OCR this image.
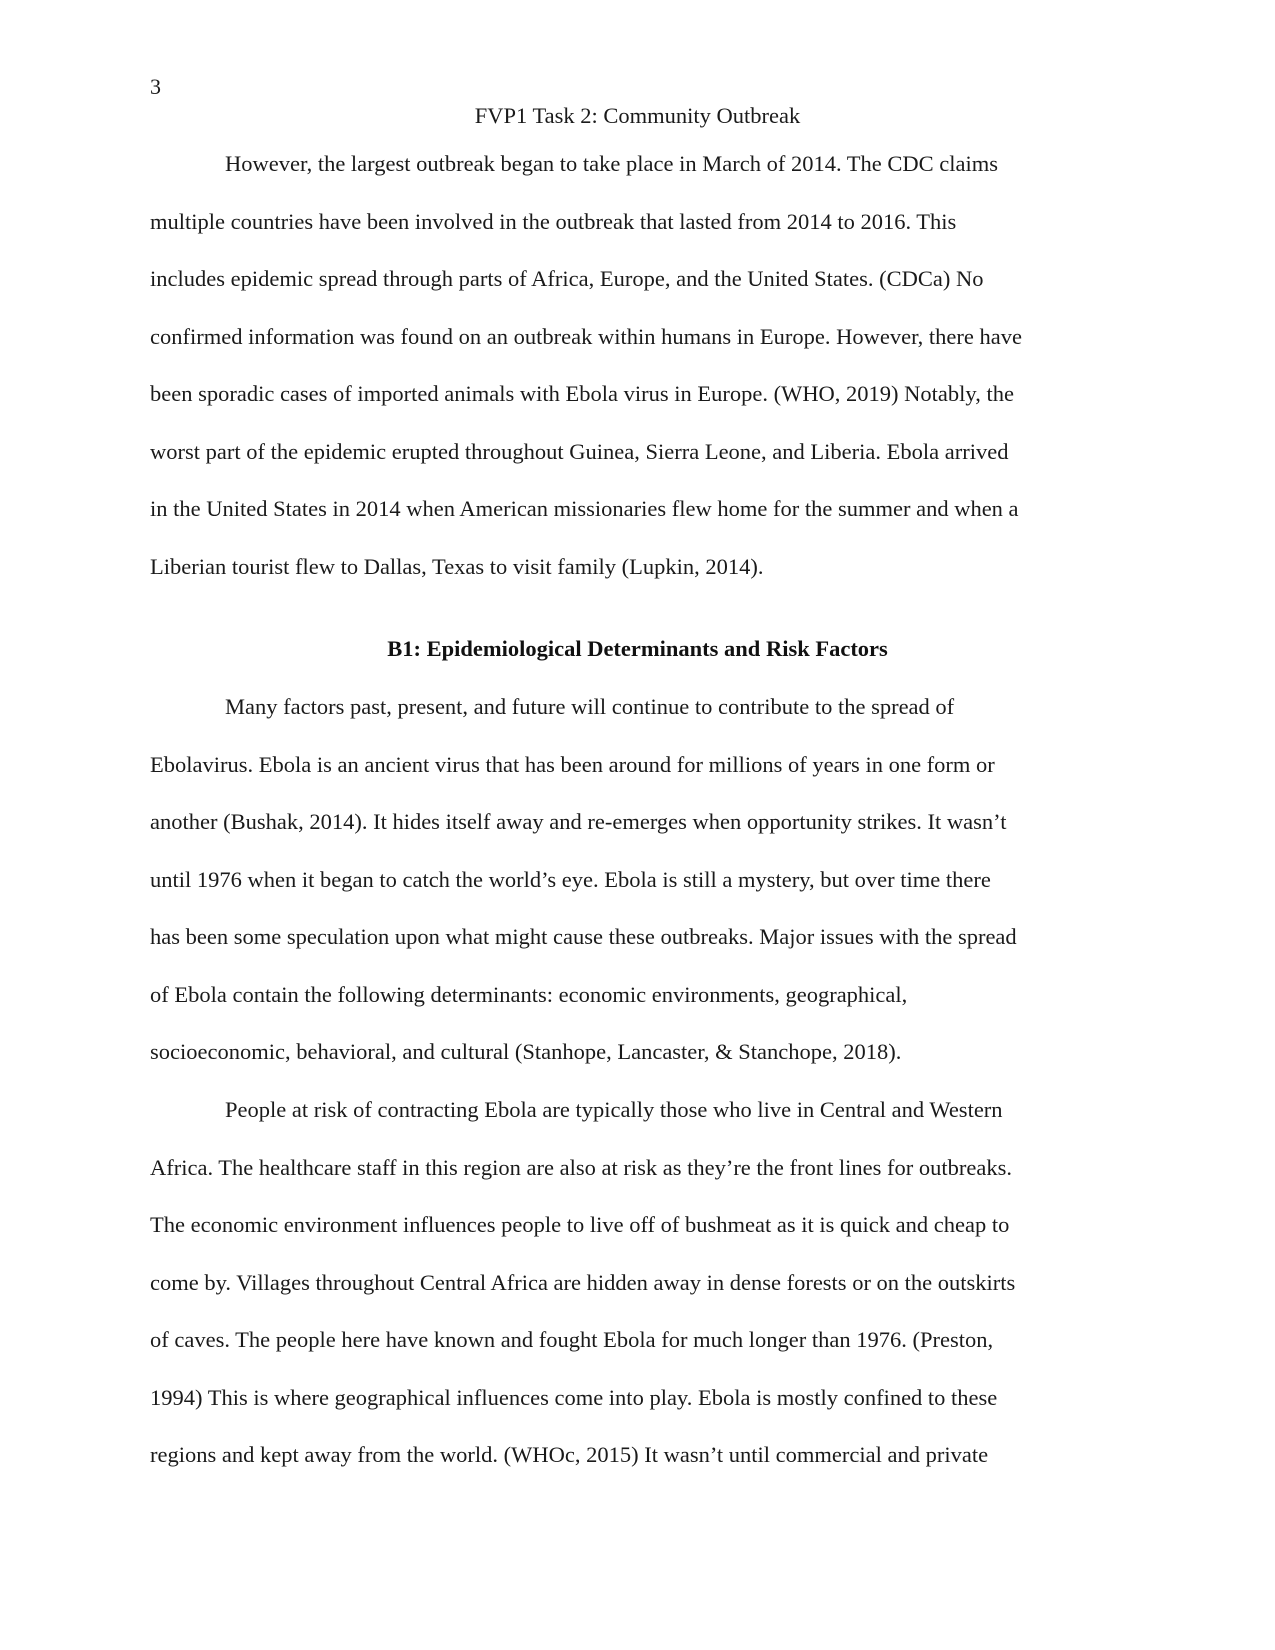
3
FVP1 Task 2: Community Outbreak
However, the largest outbreak began to take place in March of 2014. The CDC claims
multiple countries have been involved in the outbreak that lasted from 2014 to 2016. This
includes epidemic spread through parts of Africa, Europe, and the United States. (CDCa) No
confirmed information was found on an outbreak within humans in Europe. However, there have
been sporadic cases of imported animals with Ebola virus in Europe. (WHO, 2019) Notably, the
worst part of the epidemic erupted throughout Guinea, Sierra Leone, and Liberia. Ebola arrived
in the United States in 2014 when American missionaries flew home for the summer and when a
Liberian tourist flew to Dallas, Texas to visit family (Lupkin, 2014).
B1: Epidemiological Determinants and Risk Factors
Many factors past, present, and future will continue to contribute to the spread of
Ebolavirus. Ebola is an ancient virus that has been around for millions of years in one form or
another (Bushak, 2014). It hides itself away and re-emerges when opportunity strikes. It wasn’t
until 1976 when it began to catch the world’s eye. Ebola is still a mystery, but over time there
has been some speculation upon what might cause these outbreaks. Major issues with the spread
of Ebola contain the following determinants: economic environments, geographical,
socioeconomic, behavioral, and cultural (Stanhope, Lancaster, & Stanchope, 2018).
People at risk of contracting Ebola are typically those who live in Central and Western
Africa. The healthcare staff in this region are also at risk as they’re the front lines for outbreaks.
The economic environment influences people to live off of bushmeat as it is quick and cheap to
come by. Villages throughout Central Africa are hidden away in dense forests or on the outskirts
of caves. The people here have known and fought Ebola for much longer than 1976. (Preston,
1994) This is where geographical influences come into play. Ebola is mostly confined to these
regions and kept away from the world. (WHOc, 2015) It wasn’t until commercial and private
